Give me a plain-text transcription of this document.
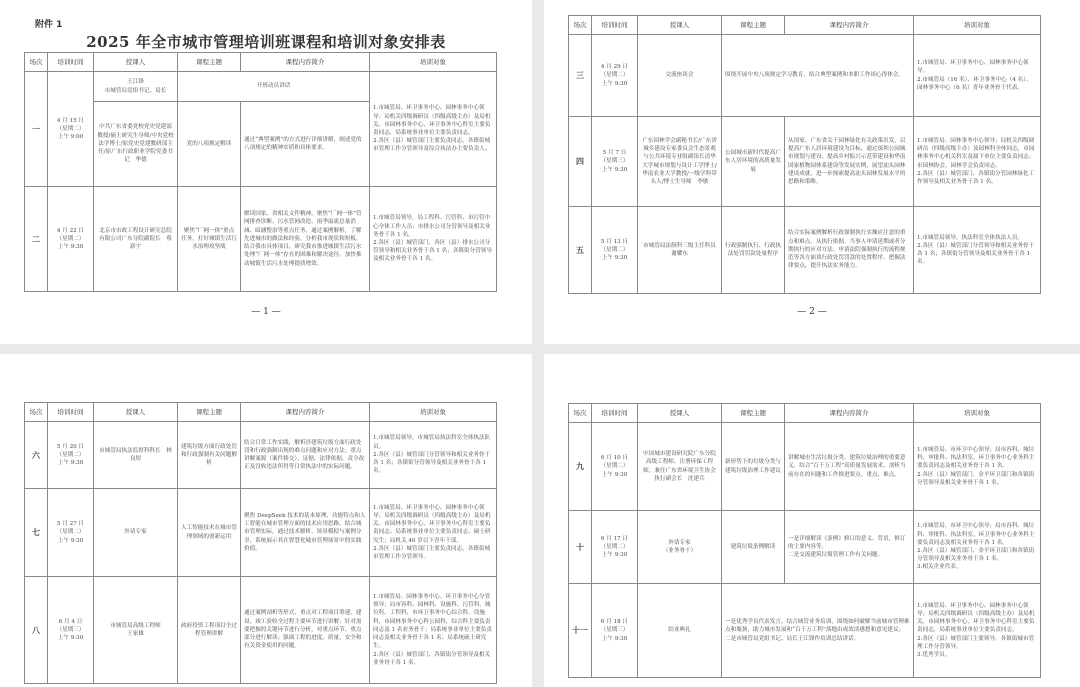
附件 1
2025 年全市城市管理培训班课程和培训对象安排表
场次	培训时间	授课人	课程主题	课程内容简介	培训对象
一	4 月 15 日
（星期二）
上午 9:00	王江锋
市城管局党组书记、局长	开班动员讲话		1.市城管局、环卫事务中心、园林事务中心领导；局机关四级调研员（四级高级主办）及局机关、市园林事务中心、环卫事务中心科室主要负责同志，局系统事业单位主要负责同志。
2.各区（县）城管部门主要负责同志，各镇街城市管理工作分管领导及综合执法办主要负责人。
		中共广东省委党校党史党建部教授/硕士研究生导师/中央党校法学博士/原党史党建教研部主任/原广东行政职业学院党委书记　华德	党的八项规定解读	通过“典型案例”的方式进行详细讲解，阐述党的八项规定的精神实质和具体要求。	
二	4 月 22 日
（星期二）
上午 9:30	北京市市政工程设计研究总院有限公司广东分院副院长　蔡新宇	聚焦“厂网一体”重点任务，打好城镇生活污水治理攻坚战	解读国家、省相关文件精神，聚焦“厂网一体”管网排查诊断、污水管网改造、雨季溢流总量消减、暗涵整治等重点任务，通过案例解析，了解先进城市的做法和经验，分析我市现状和短板，结合我市具体项目，研究我市推进城镇生活污水处理“厂网一体”存在的困难和解决途径，加快推动城镇生活污水处理提质增效。	1.市城管局领导，局工程科、污管科、市污管中心全体工作人员；市排水公司分管领导及相关业务骨干各 1 名。
2.各区（县）城管部门、各区（县）排水公司分管领导和相关业务骨干各 1 名；各镇街分管领导及相关业务骨干各 1 名。
— 1 —
场次	培训时间	授课人	课程主题	课程内容简介	培训对象
三	4 月 29 日
（星期二）
上午 9:30	交流座谈会	围绕开展中央八项规定学习教育，结合典型案例和本职工作谈心得体会。		1.市城管局、环卫事务中心、园林事务中心领导。
2.市城管局（16 名）、环卫事务中心（4 名）、园林事务中心（6 名）青年业务骨干代表。
四	5 月 7 日
（星期三）
上午 9:30	广东园林学会副秘书长/广东省城乡建设专家委员会生态景观与公共环境专业组副组长清华大学城市规划与设计工学博士/华南农业大学教授/一级学科带头人/博士生导师　李敏	公园城市新时代提高广东人居环境的高质量发展	从国家、广东省关于园林绿化有关政策出发，以提高广东人居环境建设为目标，通过深圳公园城市规划与建设、提高乡村振兴示范带建设和华南国家植物园体系建设等发展实例，展望汕头园林建设成就，进一步探索提高汕头园林发展水平的思路和策略。	1.市城管局、园林事务中心领导；局机关四级调研员（四级高级主办）及园林科全体同志，市园林事务中心机关科室及属下单位主要负责同志；市园林协会、园林学会负责同志。
2.各区（县）城管部门、各镇街分管园林绿化工作领导及相关业务骨干各 1 名。
五	5 月 13 日
（星期二）
上午 9:30	市城管局法制科三级主任科员　谢耀东	行政强制执行、行政执法处罚罚款处量程序	结合实际案例解析行政强制执行实操应注意的重点和难点。从执行依据、当事人申请延期或者分期执行的应对方法、申请法院强制执行的流程规范等各方面谈行政处罚罚款的处置程序。把握法律要点，提升执法实务能力。	1.市城管局领导，执法科室全体执法人员。
2.各区（县）城管部门分管领导和相关业务骨干各 1 名；各镇街分管领导及相关业务骨干各 1 名。
— 2 —
场次	培训时间	授课人	课程主题	课程内容简介	培训对象
六	5 月 20 日
（星期二）
上午 9:30	市城管局执法监督科科长　林良煜	建筑垃圾方面行政处罚和行政强制有关问题解析	结合日常工作实践，解析涉建筑垃圾方面行政处罚和行政强制出现的难点问题和应对方法；重点讲解案源（案件移交）、证据、法律依据、责令改正及没收违法所得等日常执法中的实际问题。	1.市城管局领导，市城管局执法科室全体执法队员。
2.各区（县）城管部门分管领导和相关业务骨干各 1 名；各镇街分管领导及相关业务骨干各 1 名。
七	5 月 27 日
（星期二）
上午 9:30	外请专家	人工智能技术在城市管理领域的创新运用	聚焦 DeepSeek 技术的基本原理、功能特点和人工智能在城市管理方面的技术应用思路，结合城市管理实际，通过技术解析、场景模拟与案例分享，系统展示其在智慧化城市管理场景中的实践价值。	1.市城管局、环卫事务中心、园林事务中心领导；局机关四级调研员（四级高级主办）及局机关、市园林事务中心、环卫事务中心科室主要负责同志；局系统事业单位主要负责同志、硕士研究生；局机关 40 岁以下青年干部。
2.各区（县）城管部门主要负责同志，各镇街城市管理工作分管领导。
八	6 月 4 日
（星期三）
上午 9:30	市城管局高级工程师
王家雄	政府投资工程项目全过程管理讲解	通过案例剖析等形式，重点对工程项目筹建、建设、竣工验收全过程主要环节进行讲解；针对需要把握的关键环节进行分析，对重点环节、重点部分进行解读；强调工程的进度、质量、安全和有关资金使用的问题。	1.市城管局、园林事务中心、环卫事务中心分管领导；局市容科、园林科、设施科、污管科、城垃科、工程科，市环卫事务中心综合科、设施科，市园林事务中心科公园科、综合科主要负责同志及 1 名业务骨干；局系统事业单位主要负责同志及相关业务骨干各 1 名；局系统硕士研究生。
2.各区（县）城管部门、各镇街分管领导及相关业务骨干各 1 名。
场次	培训时间	授课人	课程主题	课程内容简介	培训对象
九	6 月 10 日
（星期二）
上午 9:30	中国城市建设研究院广东分院高级工程师、注册环保工程师，兼任广东省环境卫生协会执行副会长　沈建兵	新形势下的垃圾分类与建筑垃圾治理工作建议	讲解城市生活垃圾分类、建筑垃圾治理的重要意义，结合“百千万工程”高质量发展需求，剖析当前存在的问题和工作推进要点、重点、难点。	1.市城管局、市环卫中心领导；局市容科、城垃科、审批科、执法科室，环卫事务中心业务科主要负责同志及相关业务骨干各 1 名。
2.各区（县）城管部门、金平环卫部门和各镇街分管领导及相关业务骨干各 1 名。
十	6 月 17 日
（星期二）
上午 9:30	外请专家
（业务骨干）	建筑垃圾条例解读	一是详细解读《条例》修订的意义、背景，修订的主要内容等。
二是交流建筑垃圾管理工作有关问题。	1.市城管局、市环卫中心领导；局市容科、城垃科、审批科、执法科室，环卫事务中心业务科主要负责同志及相关业务骨干各 1 名。
2.各区（县）城管部门、金平环卫部门和各镇街分管领导及相关业务骨干各 1 名。
3.相关企业代表。
十一	6 月 18 日
（星期三）
上午 9:30	结业典礼	一是优秀学员代表发言。结合城管业务培训，围绕如何破解当前城市管理难点和瓶颈，助力城市发展和“百千万工程”落地出成效谈感想和意见建议；
二是市城管局党组书记、局长王江锋作培训总结讲话。		1.市城管局、环卫事务中心、园林事务中心领导；局机关四级调研员（四级高级主办）及局机关、市园林事务中心、环卫事务中心科室主要负责同志，局系统事业单位主要负责同志。
2.各区（县）城管部门主要领导，各镇街城市管理工作分管领导。
3.优秀学员。
